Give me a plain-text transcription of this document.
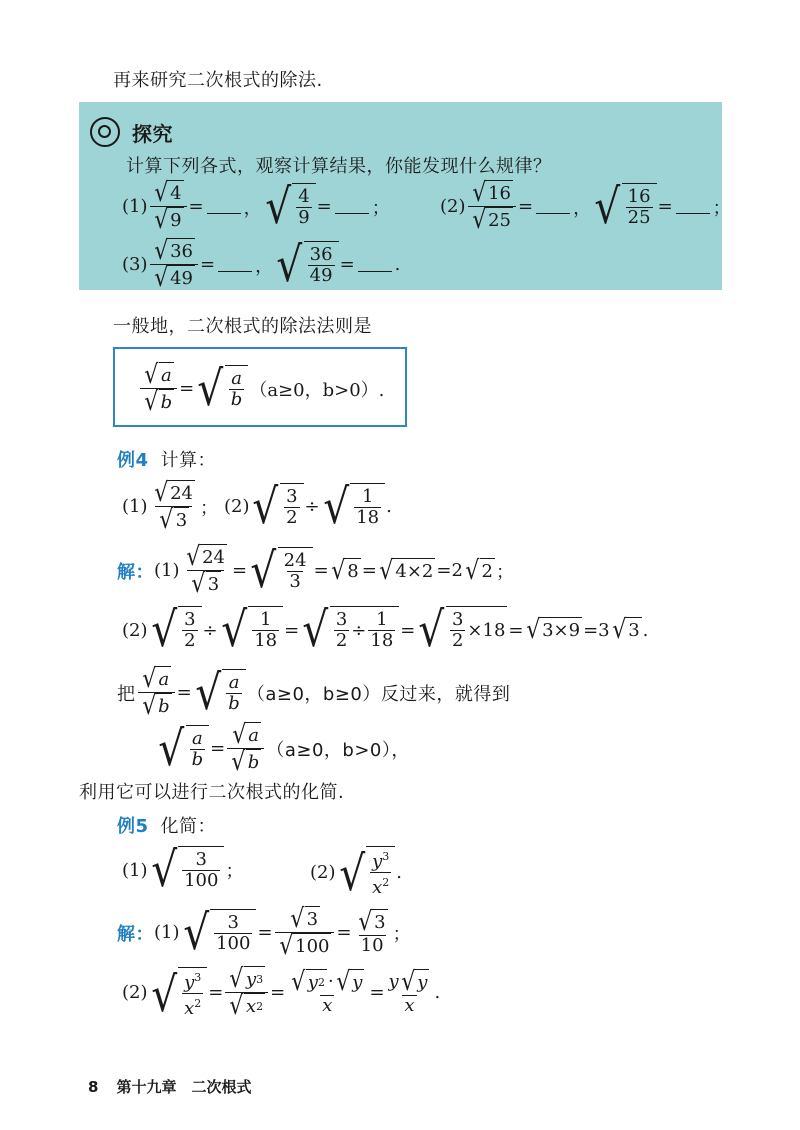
再来研究二次根式的除法.
探究
计算下列各式，观察计算结果，你能发现什么规律？
$(1) \frac{√ 4}{√ 9}$ = ， √ $\frac{4}{9}$ = ；	$(2) \frac{√ 16}{√ 25}$ = ， √ $\frac{16}{25}$ = ；
$(3) \frac{√ 36}{√ 49}$ = ， √ $\frac{36}{49}$ = .
一般地，二次根式的除法法则是
$\frac{√ a}{√ b}$ = √ $\frac{a}{b} (a\ge 0$，b>0）.
例4 计算：
$(1) \frac{√ 24}{√ 3}$ ；
(2) √ $\frac{3}{2}$ ÷ √ $\frac{1}{18}$ .
解： $(1) \frac{√ 24}{√ 3}$ = √ $\frac{24}{3}$ = √ 8 = √ 4×2 =2 √ 2 ；
(2) √ $\frac{3}{2}$ ÷ √ $\frac{1}{18}$ = √ $\frac{3}{2} \div \frac{1}{18}$ = √ $\frac{3}{2} \times 18$ = √ 3×9 =3 √ 3 .
把 $\frac{√ a}{√ b}$ = √ $\frac{a}{b} (a\ge 0$，b≥0）反过来，就得到
√ $\frac{a}{b} = \frac{√ a}{√ b} (a\ge 0$，b>0），
利用它可以进行二次根式的化简.
例5 化简：
(1) √ $\frac{3}{100}$ ；	(2) √ $\frac{y^3}{x^2}$ .
解： (1) √ $\frac{3}{100} = \frac{√ 3}{√ 100} = \frac{√ 3}{10}$ ；
(2) √ $\frac{y^3}{x^2} = \frac{√ y 3}{√ x 2} = \frac{√ y 2 \cdot √ y}{x} = \frac{y √ y}{x}$ .
8 第十九章　二次根式
